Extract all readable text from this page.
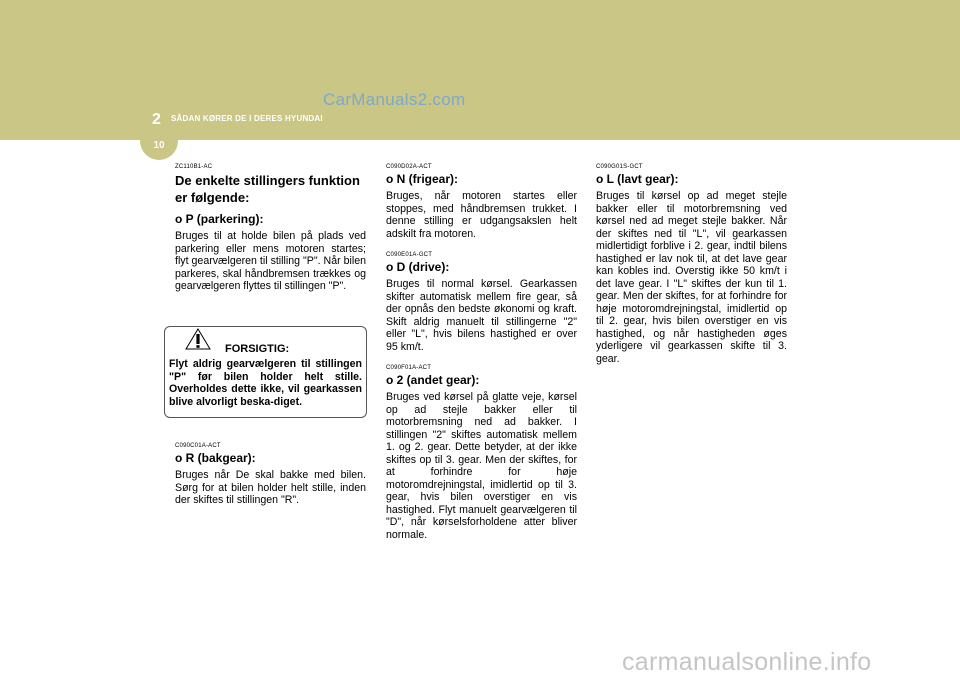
2 SÅDAN KØRER DE I DERES HYUNDAI
CarManuals2.com
10
ZC110B1-AC
De enkelte stillingers funktion er følgende:
o P (parkering):

Bruges til at holde bilen på plads ved parkering eller mens motoren startes; flyt gearvælgeren til stilling "P". Når bilen parkeres, skal håndbremsen trækkes og gearvælgeren flyttes til stillingen "P".

FORSIGTIG:

Flyt aldrig gearvælgeren til stillingen "P" før bilen holder helt stille. Overholdes dette ikke, vil gearkassen blive alvorligt beska-diget.

C090C01A-ACT
o R (bakgear):

Bruges når De skal bakke med bilen. Sørg for at bilen holder helt stille, inden der skiftes til stillingen "R".

C090D02A-ACT
o N (frigear):

Bruges, når motoren startes eller stoppes, med håndbremsen trukket. I denne stilling er udgangsakslen helt adskilt fra motoren.

C090E01A-GCT
o D (drive):

Bruges til normal kørsel. Gearkassen skifter automatisk mellem fire gear, så der opnås den bedste økonomi og kraft. Skift aldrig manuelt til stillingerne "2" eller "L", hvis bilens hastighed er over 95 km/t.

C090F01A-ACT
o 2 (andet gear):

Bruges ved kørsel på glatte veje, kørsel op ad stejle bakker eller til motorbremsning ned ad bakker. I stillingen "2" skiftes automatisk mellem 1. og 2. gear. Dette betyder, at der ikke skiftes op til 3. gear. Men der skiftes, for at forhindre for høje motoromdrejningstal, imidlertid op til 3. gear, hvis bilen overstiger en vis hastighed. Flyt manuelt gearvælgeren til "D", når kørselsforholdene atter bliver normale.

C090G01S-GCT
o L (lavt gear):

Bruges til kørsel op ad meget stejle bakker eller til motorbremsning ved kørsel ned ad meget stejle bakker. Når der skiftes ned til "L", vil gearkassen midlertidigt forblive i 2. gear, indtil bilens hastighed er lav nok til, at det lave gear kan kobles ind. Overstig ikke 50 km/t i det lave gear. I "L" skiftes der kun til 1. gear. Men der skiftes, for at forhindre for høje motoromdrejningstal, imidlertid op til 2. gear, hvis bilen overstiger en vis hastighed, og når hastigheden øges yderligere vil gearkassen skifte til 3. gear.

carmanualsonline.info
